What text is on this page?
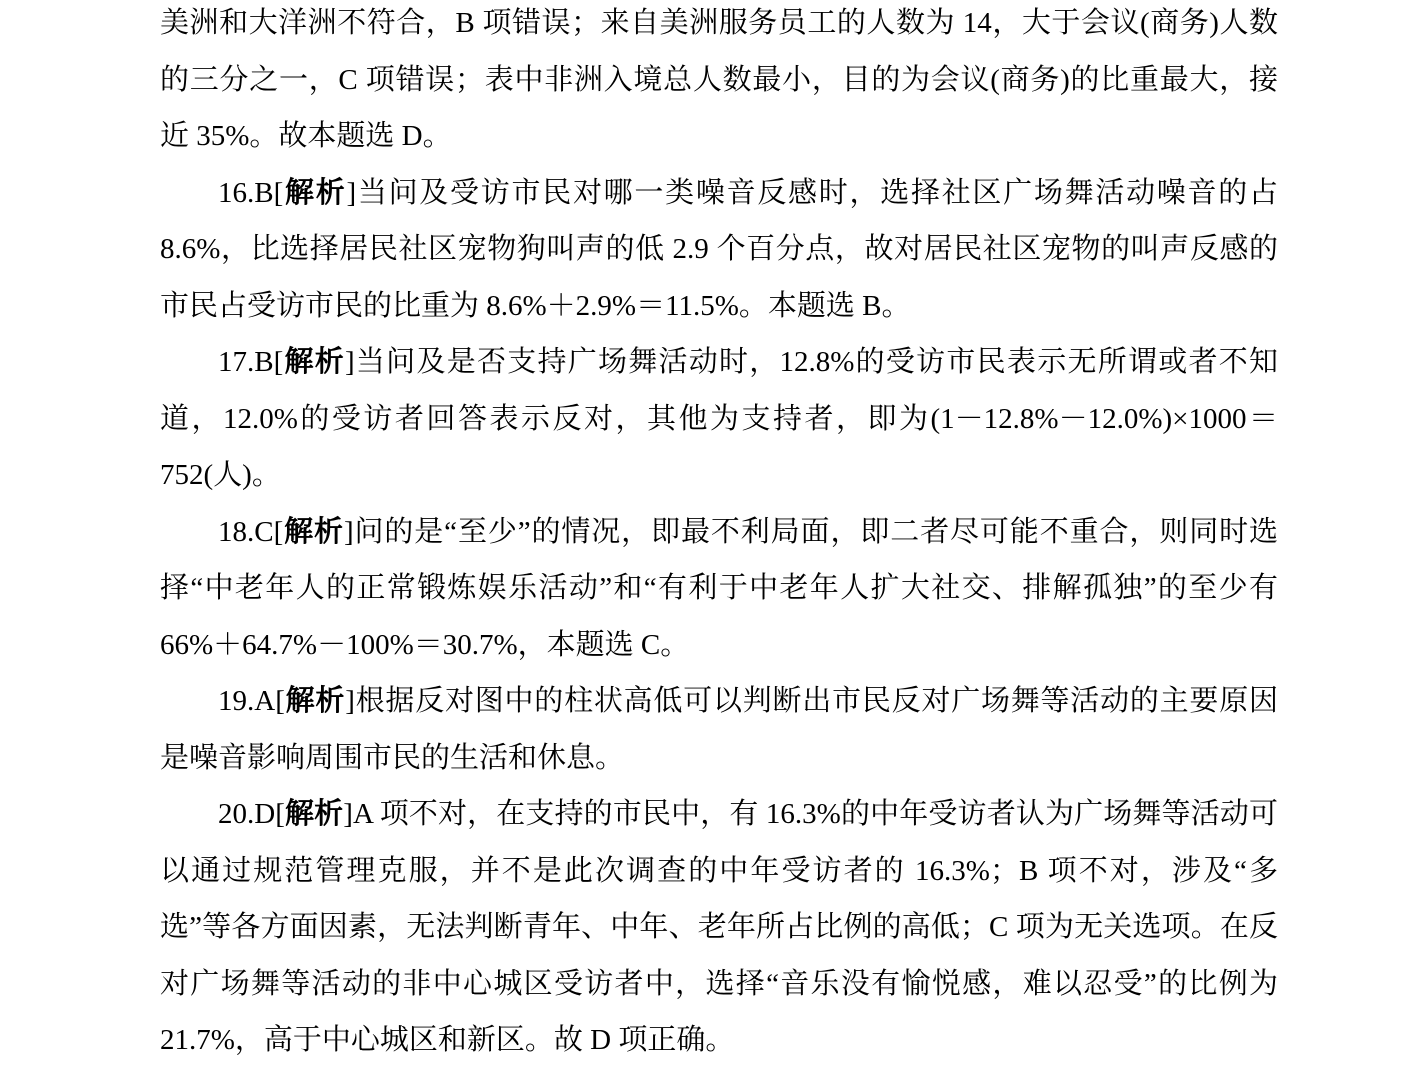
美洲和大洋洲不符合，B 项错误；来自美洲服务员工的人数为 14，大于会议(商务)人数的三分之一，C 项错误；表中非洲入境总人数最小，目的为会议(商务)的比重最大，接近 35%。故本题选 D。

16.B[解析]当问及受访市民对哪一类噪音反感时，选择社区广场舞活动噪音的占 8.6%，比选择居民社区宠物狗叫声的低 2.9 个百分点，故对居民社区宠物的叫声反感的市民占受访市民的比重为 8.6%＋2.9%＝11.5%。本题选 B。

17.B[解析]当问及是否支持广场舞活动时，12.8%的受访市民表示无所谓或者不知道，12.0%的受访者回答表示反对，其他为支持者，即为(1－12.8%－12.0%)×1000＝752(人)。

18.C[解析]问的是“至少”的情况，即最不利局面，即二者尽可能不重合，则同时选择“中老年人的正常锻炼娱乐活动”和“有利于中老年人扩大社交、排解孤独”的至少有 66%＋64.7%－100%＝30.7%，本题选 C。

19.A[解析]根据反对图中的柱状高低可以判断出市民反对广场舞等活动的主要原因是噪音影响周围市民的生活和休息。

20.D[解析]A 项不对，在支持的市民中，有 16.3%的中年受访者认为广场舞等活动可以通过规范管理克服，并不是此次调查的中年受访者的 16.3%；B 项不对，涉及“多选”等各方面因素，无法判断青年、中年、老年所占比例的高低；C 项为无关选项。在反对广场舞等活动的非中心城区受访者中，选择“音乐没有愉悦感，难以忍受”的比例为 21.7%，高于中心城区和新区。故 D 项正确。
